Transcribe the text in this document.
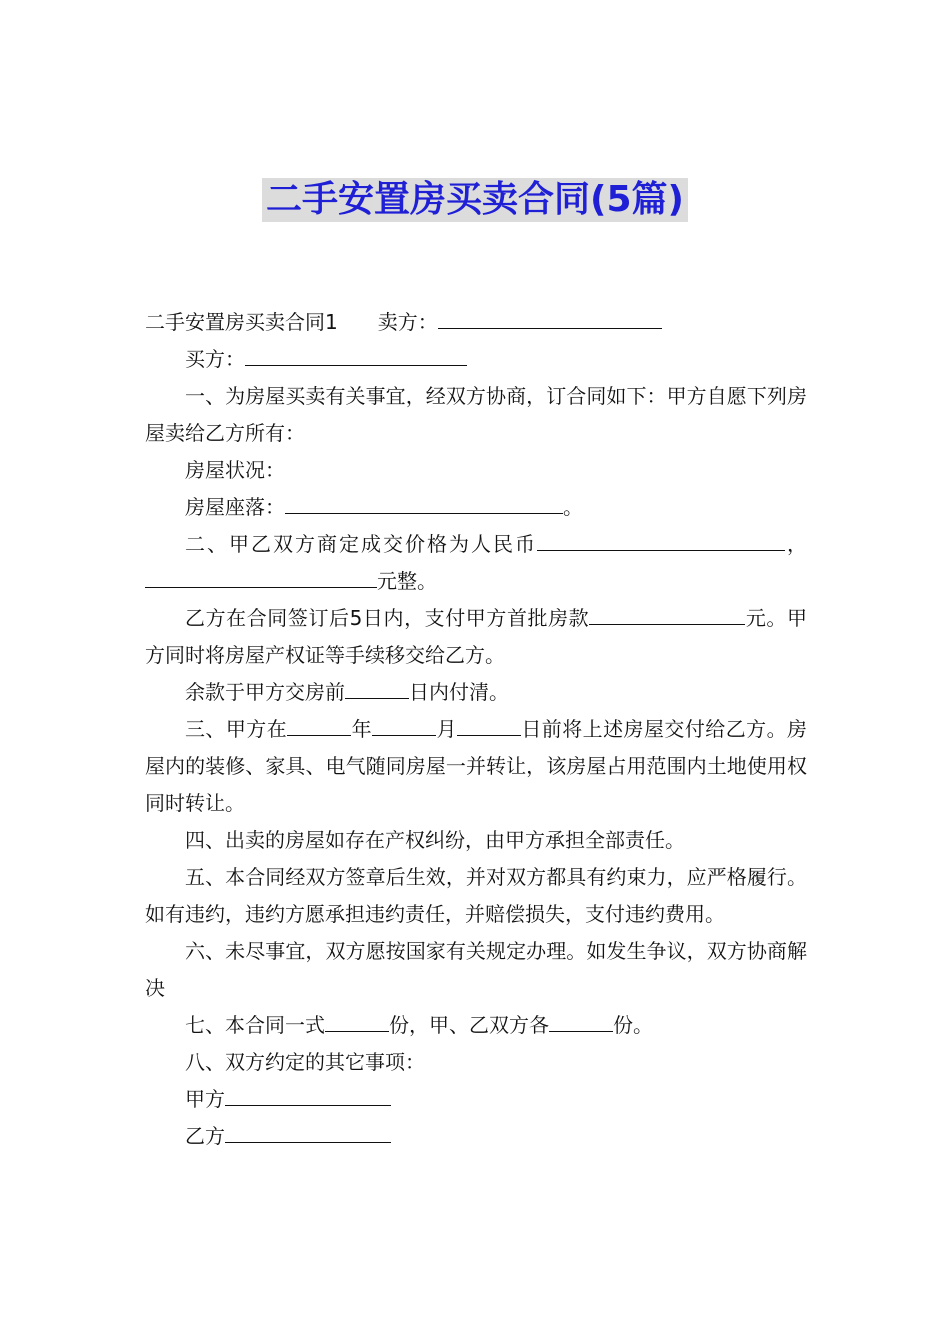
二手安置房买卖合同(5篇)

二手安置房买卖合同1 卖方：

买方：

一、为房屋买卖有关事宜，经双方协商，订合同如下：甲方自愿下列房屋卖给乙方所有：

房屋状况：

房屋座落：	。

二、甲乙双方商定成交价格为人民币	，元整。

乙方在合同签订后5日内，支付甲方首批房款	元。甲方同时将房屋产权证等手续移交给乙方。

余款于甲方交房前	日内付清。

三、甲方在	年	月	日前将上述房屋交付给乙方。房屋内的装修、家具、电气随同房屋一并转让，该房屋占用范围内土地使用权同时转让。

四、出卖的房屋如存在产权纠纷，由甲方承担全部责任。

五、本合同经双方签章后生效，并对双方都具有约束力，应严格履行。如有违约，违约方愿承担违约责任，并赔偿损失，支付违约费用。

六、未尽事宜，双方愿按国家有关规定办理。如发生争议，双方协商解决

七、本合同一式	份，甲、乙双方各	份。

八、双方约定的其它事项：

甲方

乙方
